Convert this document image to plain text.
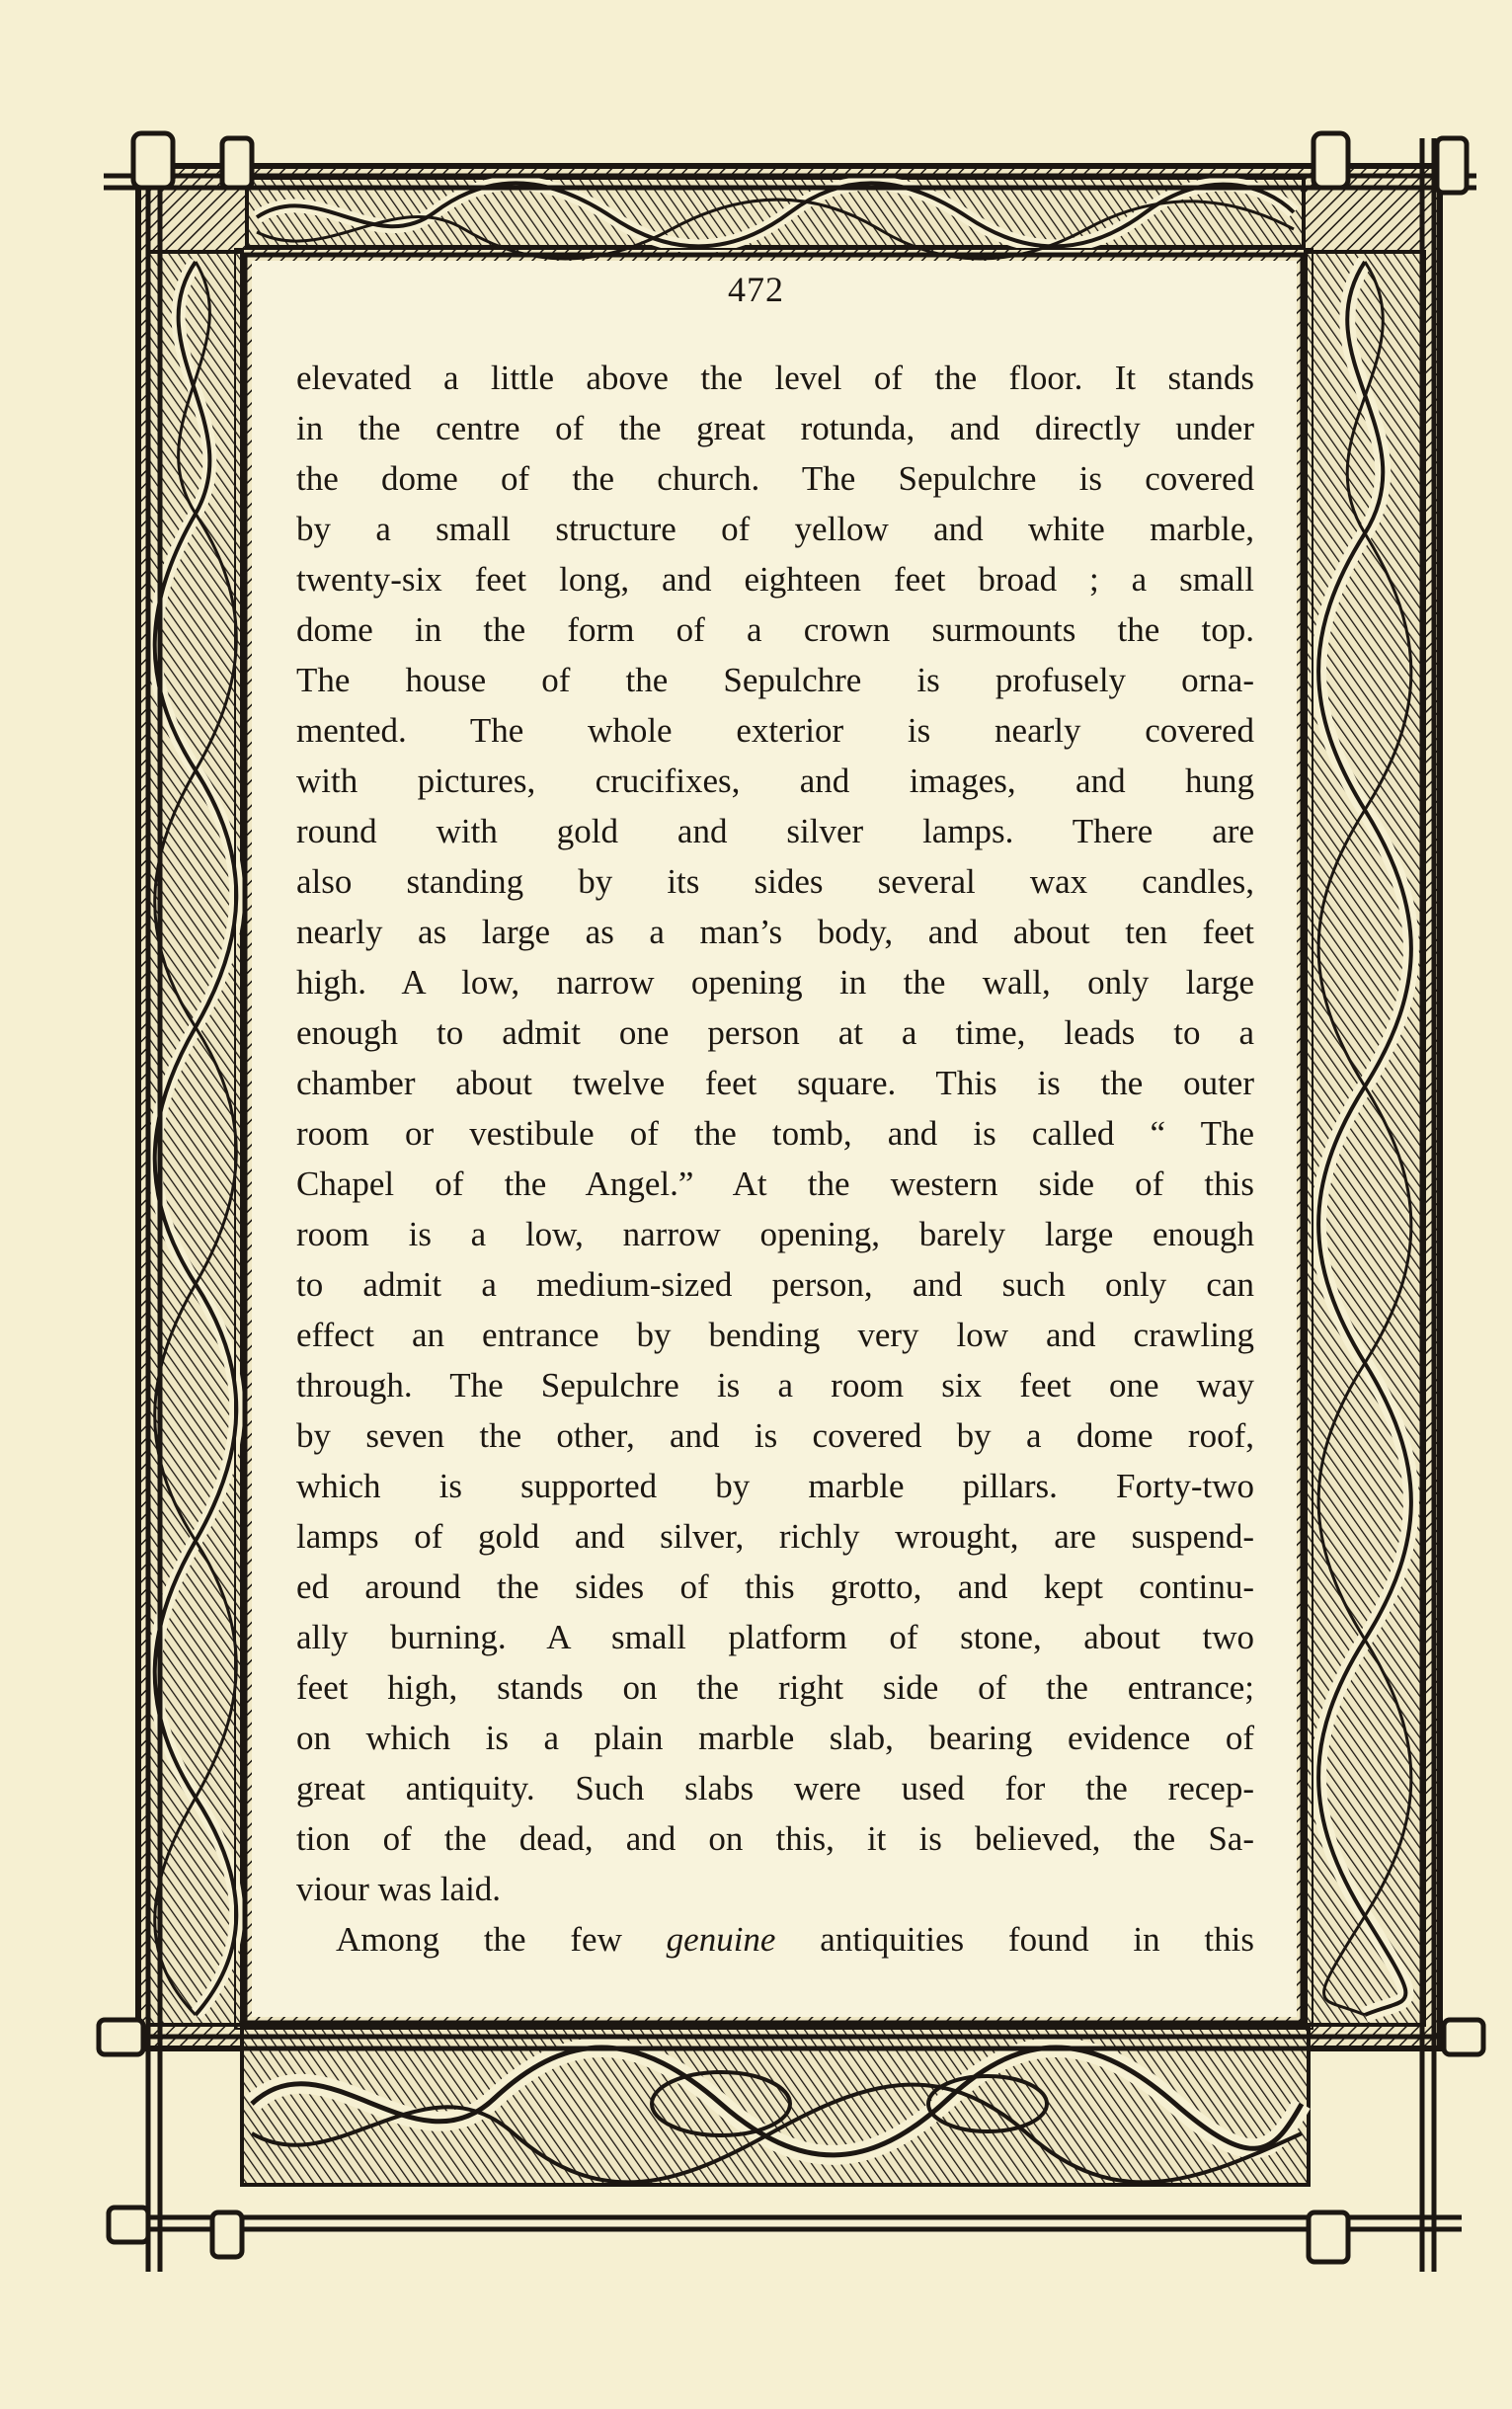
472
elevated a little above the level of the floor. It stands
in the centre of the great rotunda, and directly under
the dome of the church. The Sepulchre is covered
by a small structure of yellow and white marble,
twenty-six feet long, and eighteen feet broad ; a small
dome in the form of a crown surmounts the top.
The house of the Sepulchre is profusely orna-
mented. The whole exterior is nearly covered
with pictures, crucifixes, and images, and hung
round with gold and silver lamps. There are
also standing by its sides several wax candles,
nearly as large as a man’s body, and about ten feet
high. A low, narrow opening in the wall, only large
enough to admit one person at a time, leads to a
chamber about twelve feet square. This is the outer
room or vestibule of the tomb, and is called “ The
Chapel of the Angel.” At the western side of this
room is a low, narrow opening, barely large enough
to admit a medium-sized person, and such only can
effect an entrance by bending very low and crawling
through. The Sepulchre is a room six feet one way
by seven the other, and is covered by a dome roof,
which is supported by marble pillars. Forty-two
lamps of gold and silver, richly wrought, are suspend-
ed around the sides of this grotto, and kept continu-
ally burning. A small platform of stone, about two
feet high, stands on the right side of the entrance;
on which is a plain marble slab, bearing evidence of
great antiquity. Such slabs were used for the recep-
tion of the dead, and on this, it is believed, the Sa-
viour was laid.
Among the few genuine antiquities found in this
